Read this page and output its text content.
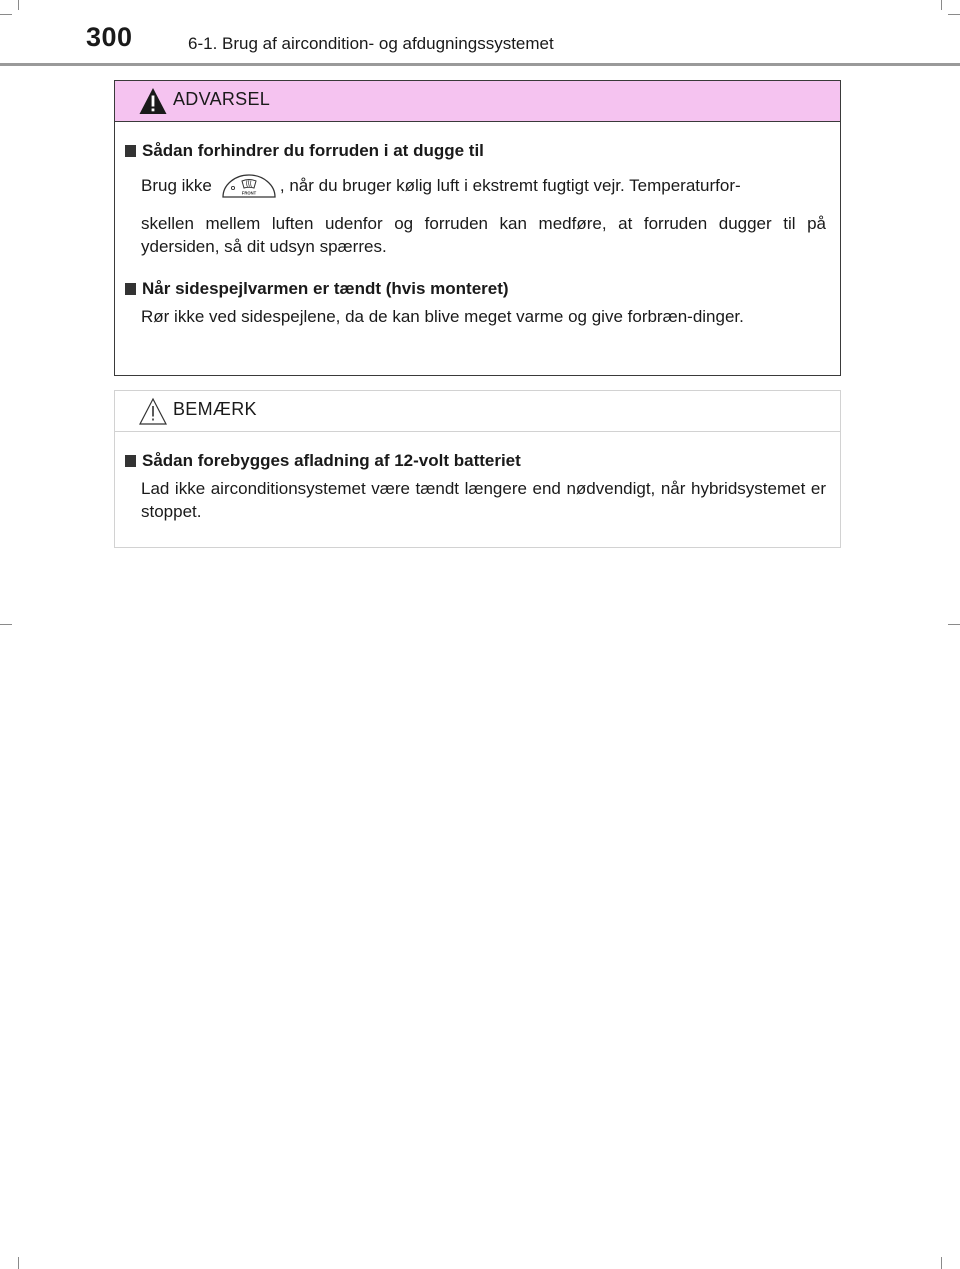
300	6-1. Brug af aircondition- og afdugningssystemet
ADVARSEL
Sådan forhindrer du forruden i at dugge til
Brug ikke	FRONT , når du bruger kølig luft i ekstremt fugtigt vejr. Temperaturfor-
skellen mellem luften udenfor og forruden kan medføre, at forruden dugger til på ydersiden, så dit udsyn spærres.
Når sidespejlvarmen er tændt (hvis monteret)
Rør ikke ved sidespejlene, da de kan blive meget varme og give forbræn-dinger.
BEMÆRK
Sådan forebygges afladning af 12-volt batteriet
Lad ikke airconditionsystemet være tændt længere end nødvendigt, når hybridsystemet er stoppet.
